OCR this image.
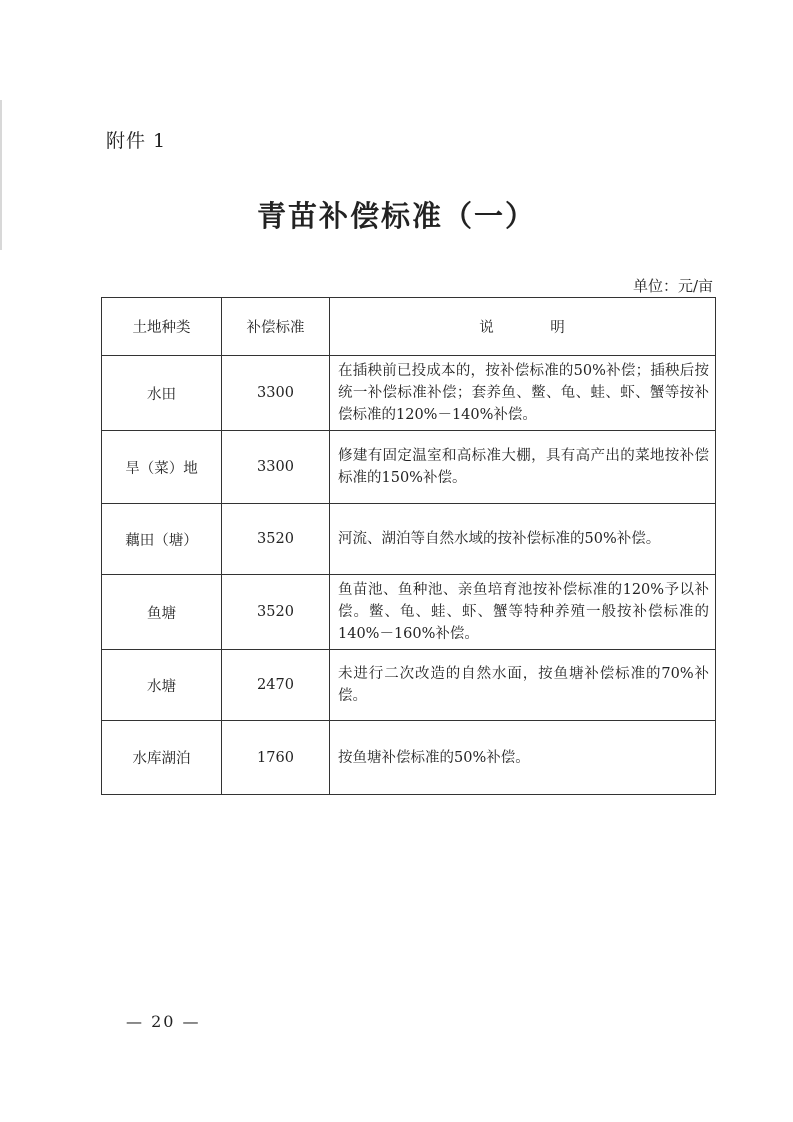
附件 1
青苗补偿标准（一）
单位：元/亩
土地种类	补偿标准	说 明
水田	3300	在插秧前已投成本的，按补偿标准的50%补偿；插秧后按统一补偿标准补偿；套养鱼、鳖、龟、蛙、虾、蟹等按补偿标准的120%－140%补偿。
旱（菜）地	3300	修建有固定温室和高标准大棚，具有高产出的菜地按补偿标准的150%补偿。
藕田（塘）	3520	河流、湖泊等自然水域的按补偿标准的50%补偿。
鱼塘	3520	鱼苗池、鱼种池、亲鱼培育池按补偿标准的120%予以补偿。鳖、龟、蛙、虾、蟹等特种养殖一般按补偿标准的140%－160%补偿。
水塘	2470	未进行二次改造的自然水面，按鱼塘补偿标准的70%补偿。
水库湖泊	1760	按鱼塘补偿标准的50%补偿。
— 20 —
